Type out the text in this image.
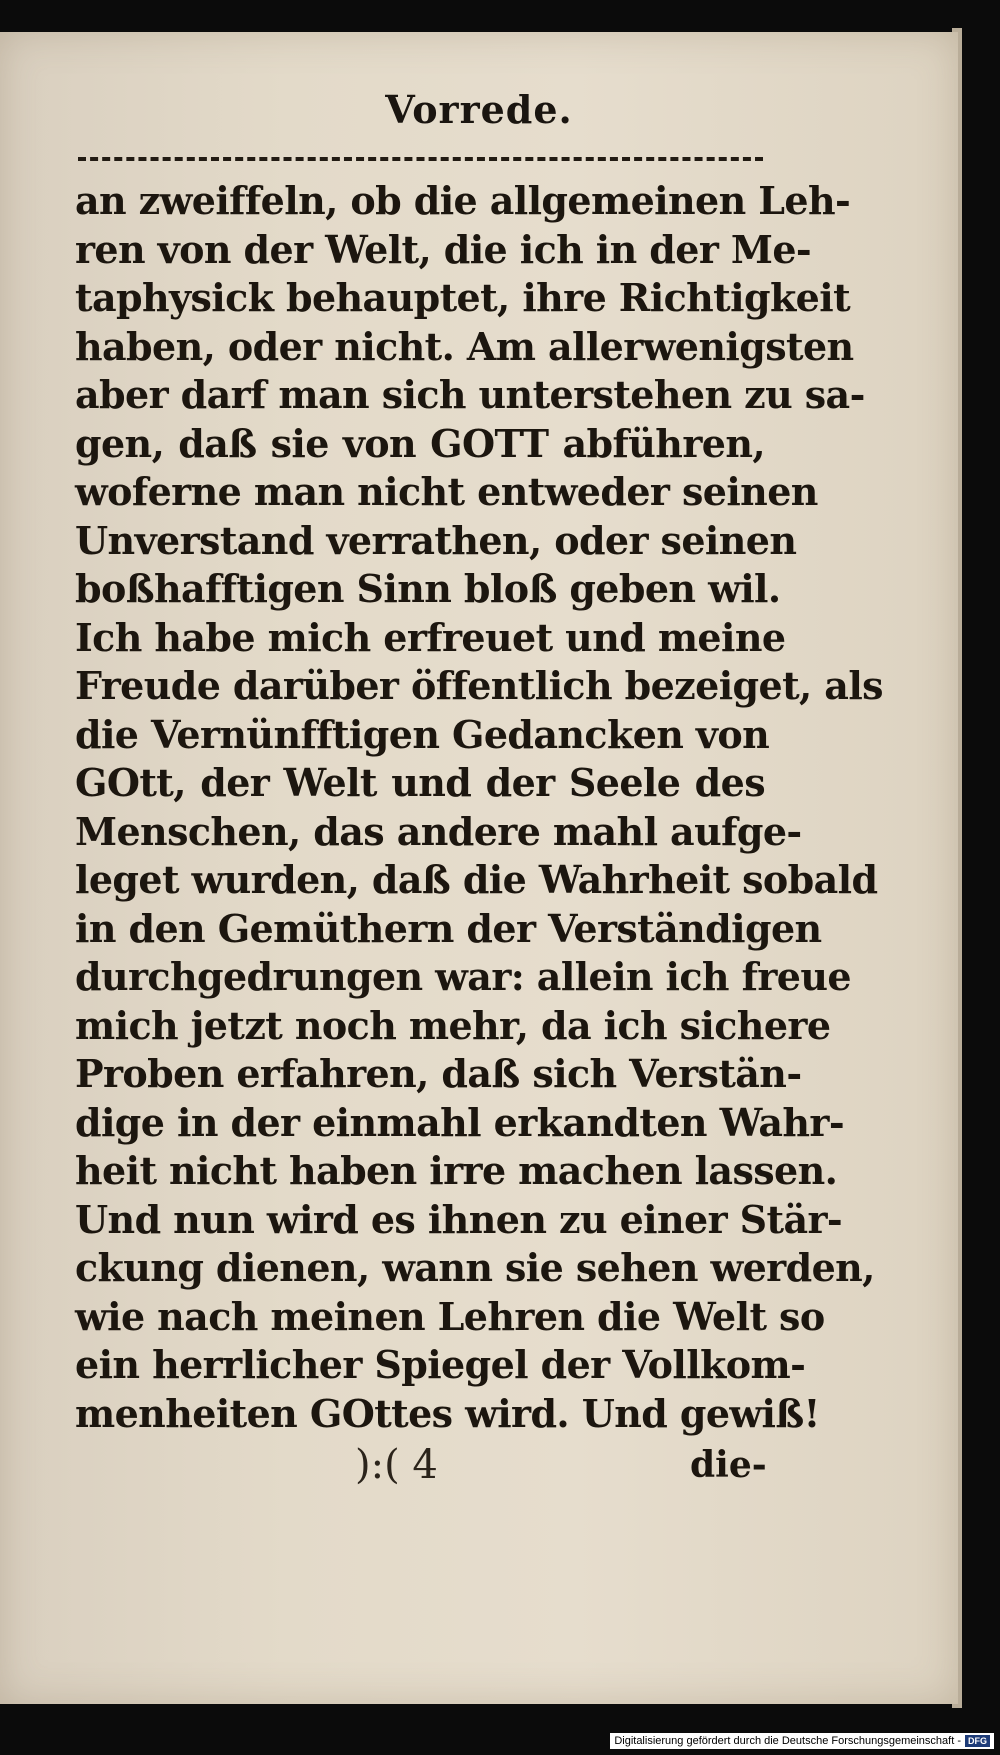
Vorrede.
an zweiffeln, ob die allgemeinen Leh-
ren von der Welt, die ich in der Me-
taphysick behauptet, ihre Richtigkeit
haben, oder nicht. Am allerwenigsten
aber darf man sich unterstehen zu sa-
gen, daß sie von GOTT abführen,
woferne man nicht entweder seinen
Unverstand verrathen, oder seinen
boßhafftigen Sinn bloß geben wil.
Ich habe mich erfreuet und meine
Freude darüber öffentlich bezeiget, als
die Vernünfftigen Gedancken von
GOtt, der Welt und der Seele des
Menschen, das andere mahl aufge-
leget wurden, daß die Wahrheit sobald
in den Gemüthern der Verständigen
durchgedrungen war: allein ich freue
mich jetzt noch mehr, da ich sichere
Proben erfahren, daß sich Verstän-
dige in der einmahl erkandten Wahr-
heit nicht haben irre machen lassen.
Und nun wird es ihnen zu einer Stär-
ckung dienen, wann sie sehen werden,
wie nach meinen Lehren die Welt so
ein herrlicher Spiegel der Vollkom-
menheiten GOttes wird. Und gewiß!
):( 4	die-
Digitalisierung gefördert durch die Deutsche Forschungsgemeinschaft - DFG
